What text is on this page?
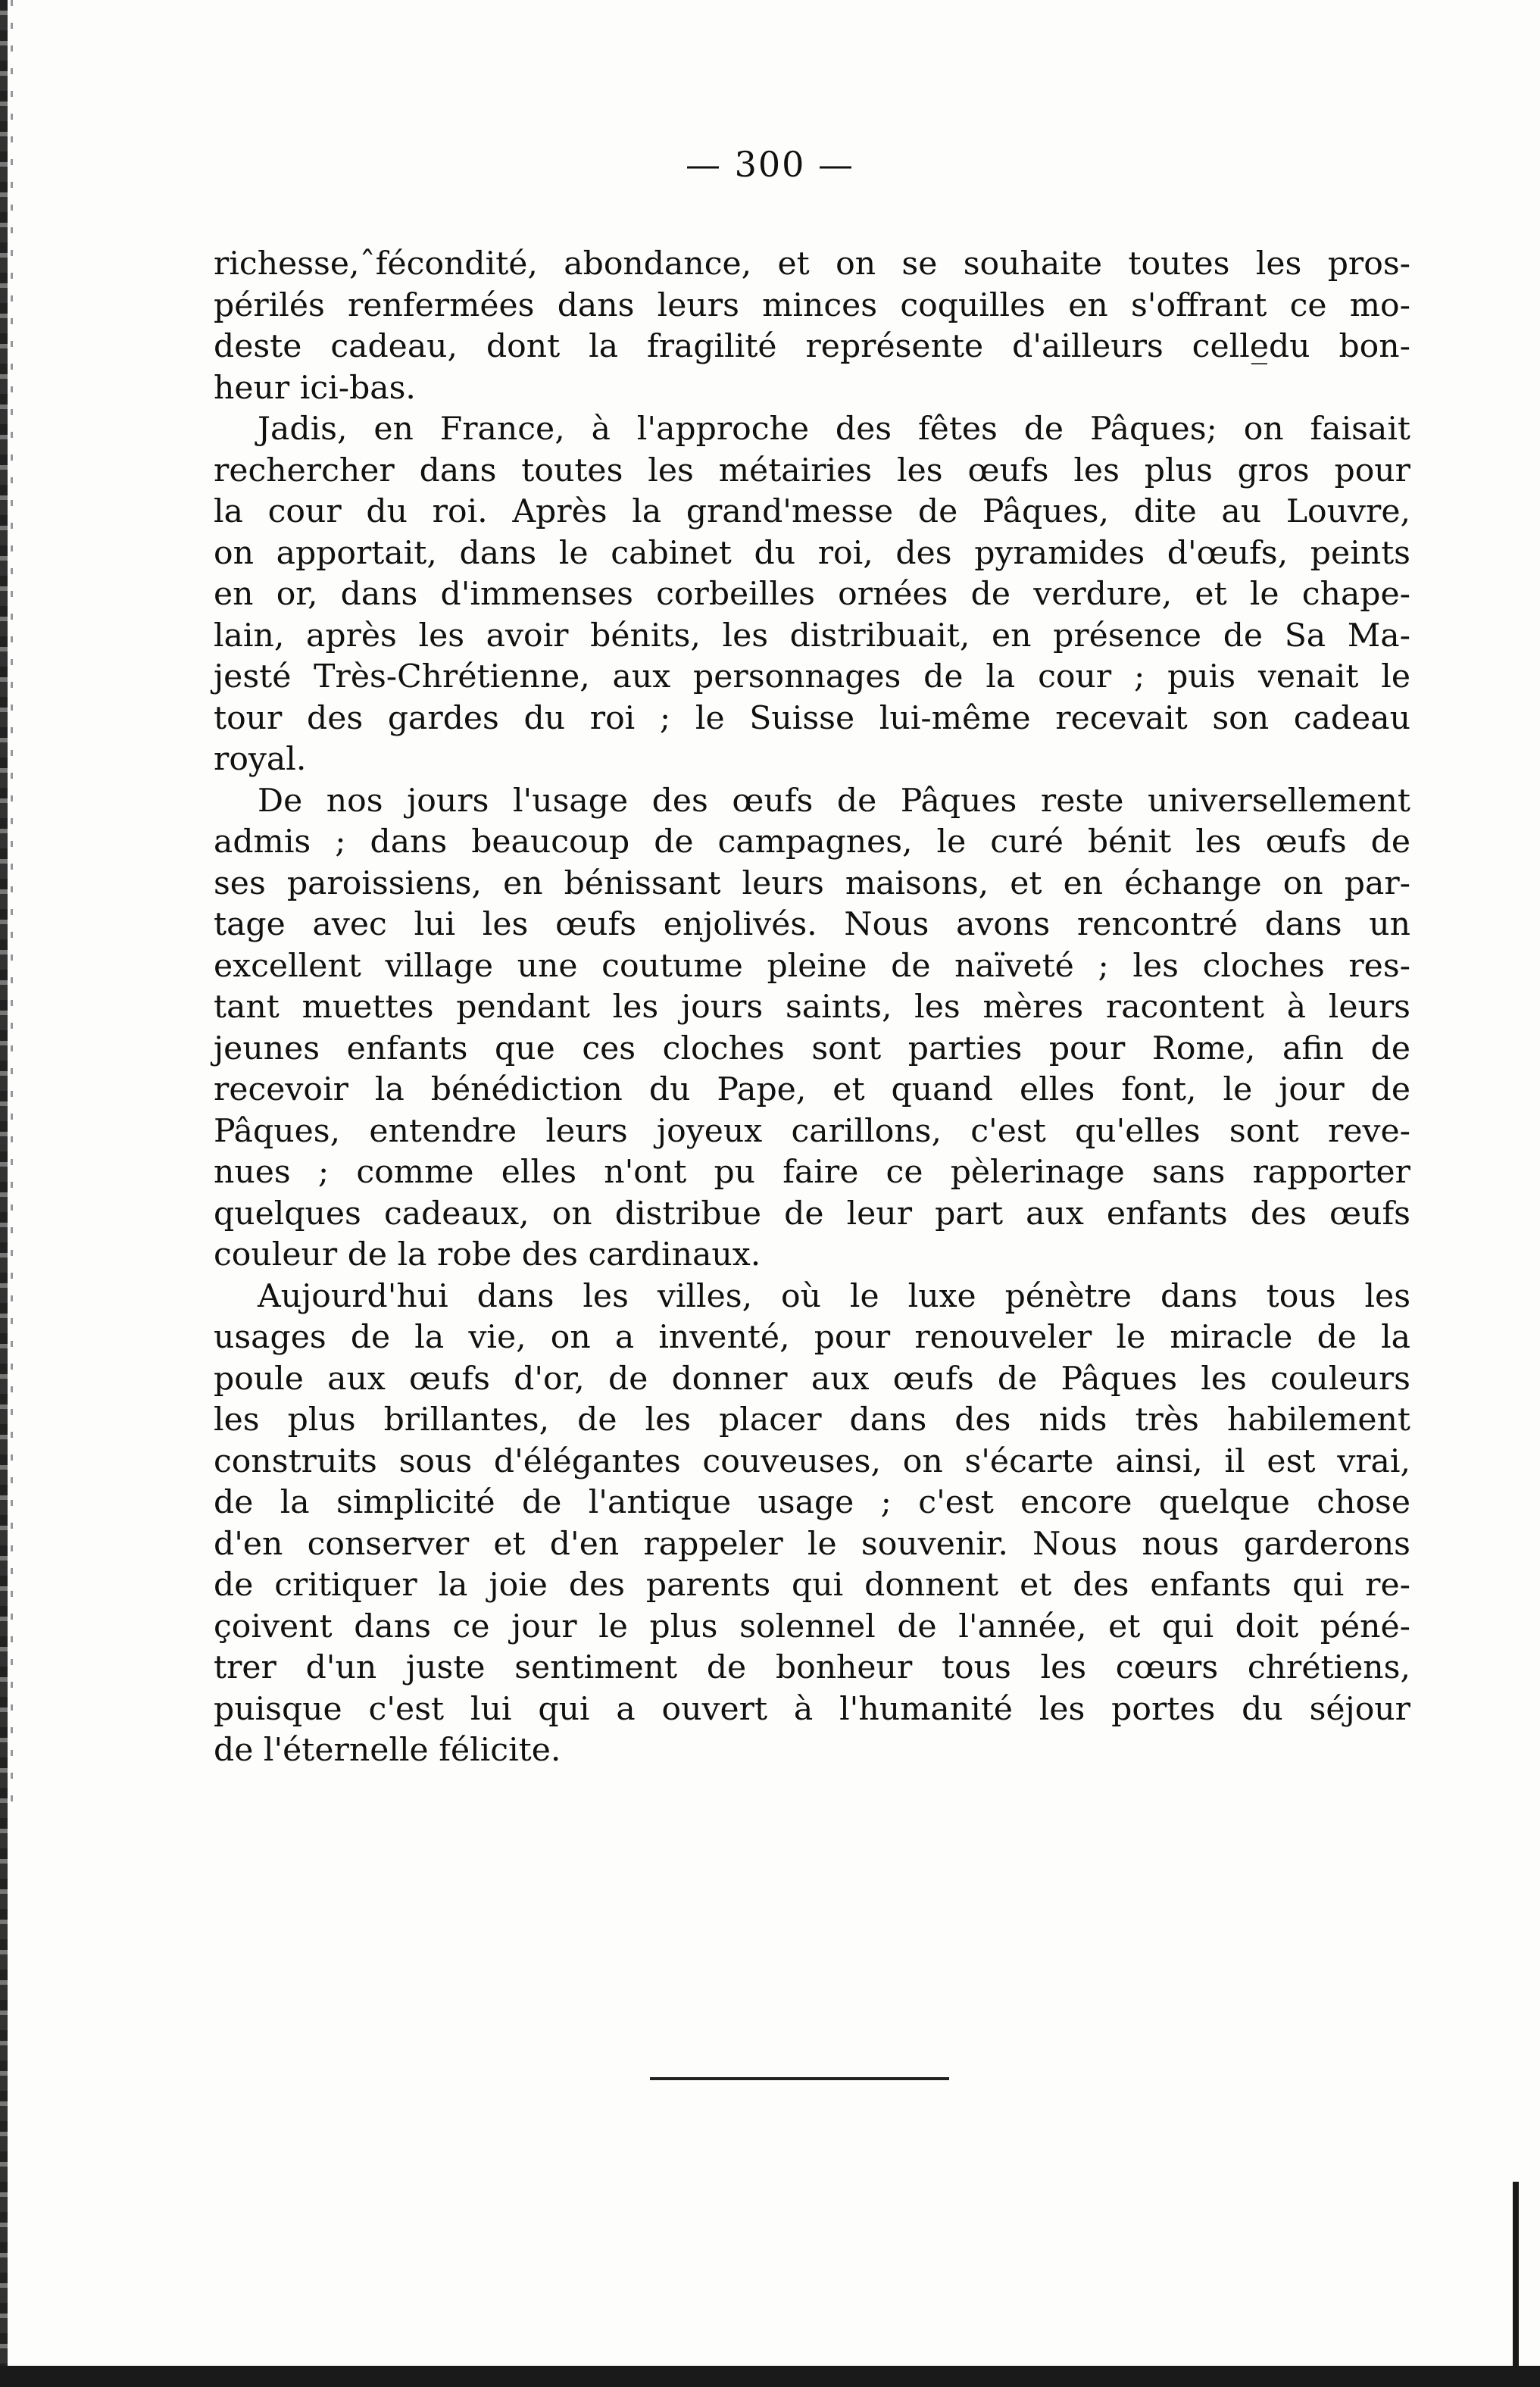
— 300 —

richesse,ˆfécondité, abondance, et on se souhaite toutes les pros-
périlés renfermées dans leurs minces coquilles en s'offrant ce mo-
deste cadeau, dont la fragilité représente d'ailleurs celle̲du bon-
heur ici-bas.

Jadis, en France, à l'approche des fêtes de Pâques; on faisait
rechercher dans toutes les métairies les œufs les plus gros pour
la cour du roi. Après la grand'messe de Pâques, dite au Louvre,
on apportait, dans le cabinet du roi, des pyramides d'œufs, peints
en or, dans d'immenses corbeilles ornées de verdure, et le chape-
lain, après les avoir bénits, les distribuait, en présence de Sa Ma-
jesté Très-Chrétienne, aux personnages de la cour ; puis venait le
tour des gardes du roi ; le Suisse lui-même recevait son cadeau
royal.

De nos jours l'usage des œufs de Pâques reste universellement
admis ; dans beaucoup de campagnes, le curé bénit les œufs de
ses paroissiens, en bénissant leurs maisons, et en échange on par-
tage avec lui les œufs enjolivés. Nous avons rencontré dans un
excellent village une coutume pleine de naïveté ; les cloches res-
tant muettes pendant les jours saints, les mères racontent à leurs
jeunes enfants que ces cloches sont parties pour Rome, afin de
recevoir la bénédiction du Pape, et quand elles font, le jour de
Pâques, entendre leurs joyeux carillons, c'est qu'elles sont reve-
nues ; comme elles n'ont pu faire ce pèlerinage sans rapporter
quelques cadeaux, on distribue de leur part aux enfants des œufs
couleur de la robe des cardinaux.

Aujourd'hui dans les villes, où le luxe pénètre dans tous les
usages de la vie, on a inventé, pour renouveler le miracle de la
poule aux œufs d'or, de donner aux œufs de Pâques les couleurs
les plus brillantes, de les placer dans des nids très habilement
construits sous d'élégantes couveuses, on s'écarte ainsi, il est vrai,
de la simplicité de l'antique usage ; c'est encore quelque chose
d'en conserver et d'en rappeler le souvenir. Nous nous garderons
de critiquer la joie des parents qui donnent et des enfants qui re-
çoivent dans ce jour le plus solennel de l'année, et qui doit péné-
trer d'un juste sentiment de bonheur tous les cœurs chrétiens,
puisque c'est lui qui a ouvert à l'humanité les portes du séjour
de l'éternelle félicite.
